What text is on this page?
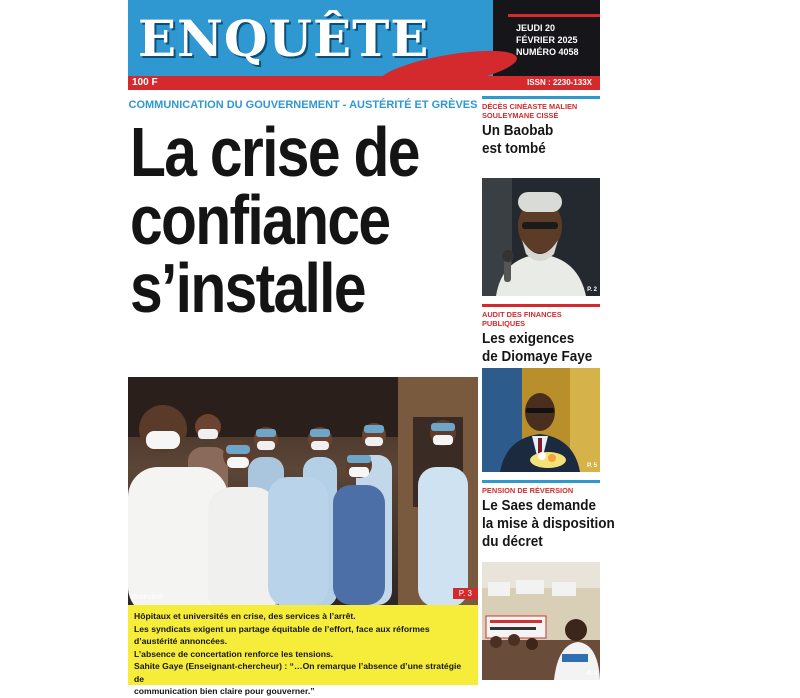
ENQUÊTE	JEUDI 20
FÉVRIER 2025
NUMÉRO 4058
100 F	ISSN : 2230-133X
COMMUNICATION DU GOUVERNEMENT - AUSTÉRITÉ ET GRÈVES
La crise de
confiance
s’installe
Illustration	P. 3

Hôpitaux et universités en crise, des services à l’arrêt.

Les syndicats exigent un partage équitable de l’effort, face aux réformes d’austérité annoncées.

L’absence de concertation renforce les tensions.

Sahite Gaye (Enseignant-chercheur) : “…On remarque l’absence d’une stratégie de

communication bien claire pour gouverner.”

DÉCÈS CINÉASTE MALIEN
SOULEYMANE CISSÉ
Un Baobab
est tombé
P. 2
AUDIT DES FINANCES PUBLIQUES
Les exigences
de Diomaye Faye
P. 5
PENSION DE RÉVERSION
Le Saes demande
la mise à disposition
du décret
P. 4
